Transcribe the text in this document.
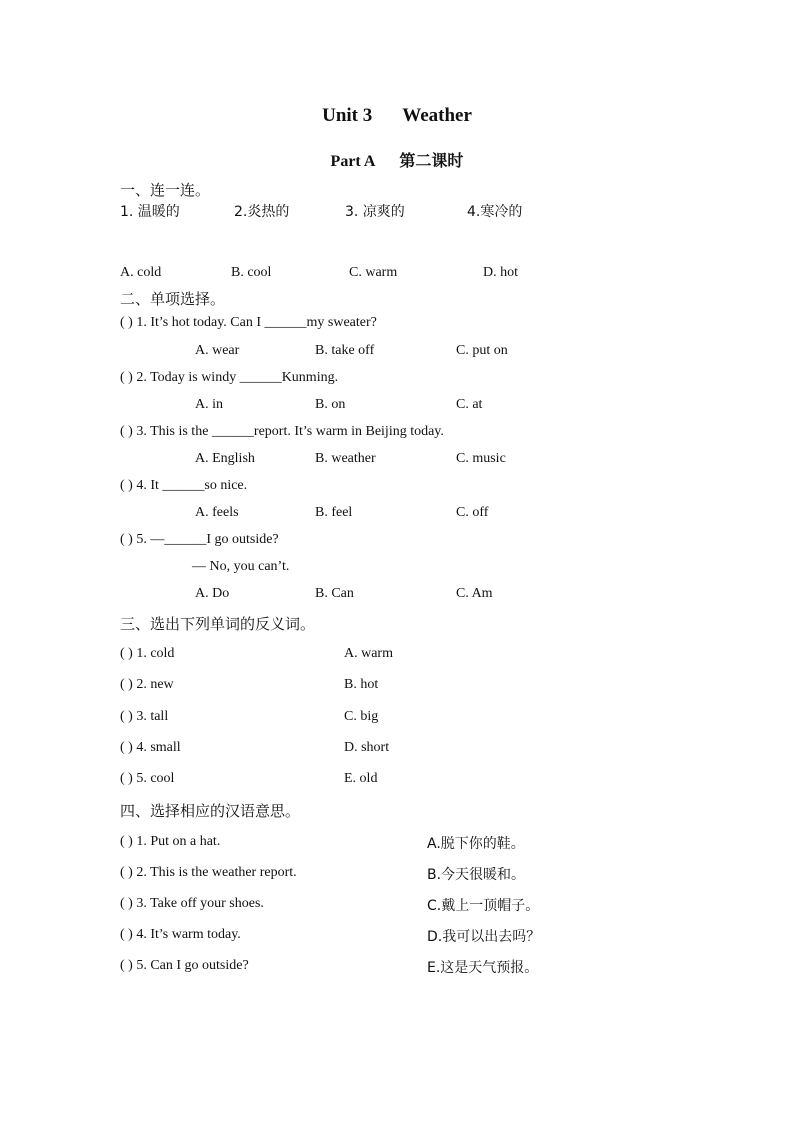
Unit 3 Weather
Part A 第二课时
一、连一连。
1. 温暖的	2.炎热的	3. 凉爽的	4.寒冷的
A. cold	B. cool	C. warm	D. hot
二、单项选择。
( ) 1. It’s hot today. Can I ______my sweater?
A. wear	B. take off	C. put on
( ) 2. Today is windy ______Kunming.
A. in	B. on	C. at
( ) 3. This is the ______report. It’s warm in Beijing today.
A. English	B. weather	C. music
( ) 4. It ______so nice.
A. feels	B. feel	C. off
( ) 5. —______I go outside?
— No, you can’t.
A. Do	B. Can	C. Am
三、选出下列单词的反义词。
( ) 1. cold	A. warm
( ) 2. new	B. hot
( ) 3. tall	C. big
( ) 4. small	D. short
( ) 5. cool	E. old
四、选择相应的汉语意思。
( ) 1. Put on a hat.	A.脱下你的鞋。
( ) 2. This is the weather report.	B.今天很暖和。
( ) 3. Take off your shoes.	C.戴上一顶帽子。
( ) 4. It’s warm today.	D.我可以出去吗？
( ) 5. Can I go outside?	E.这是天气预报。
